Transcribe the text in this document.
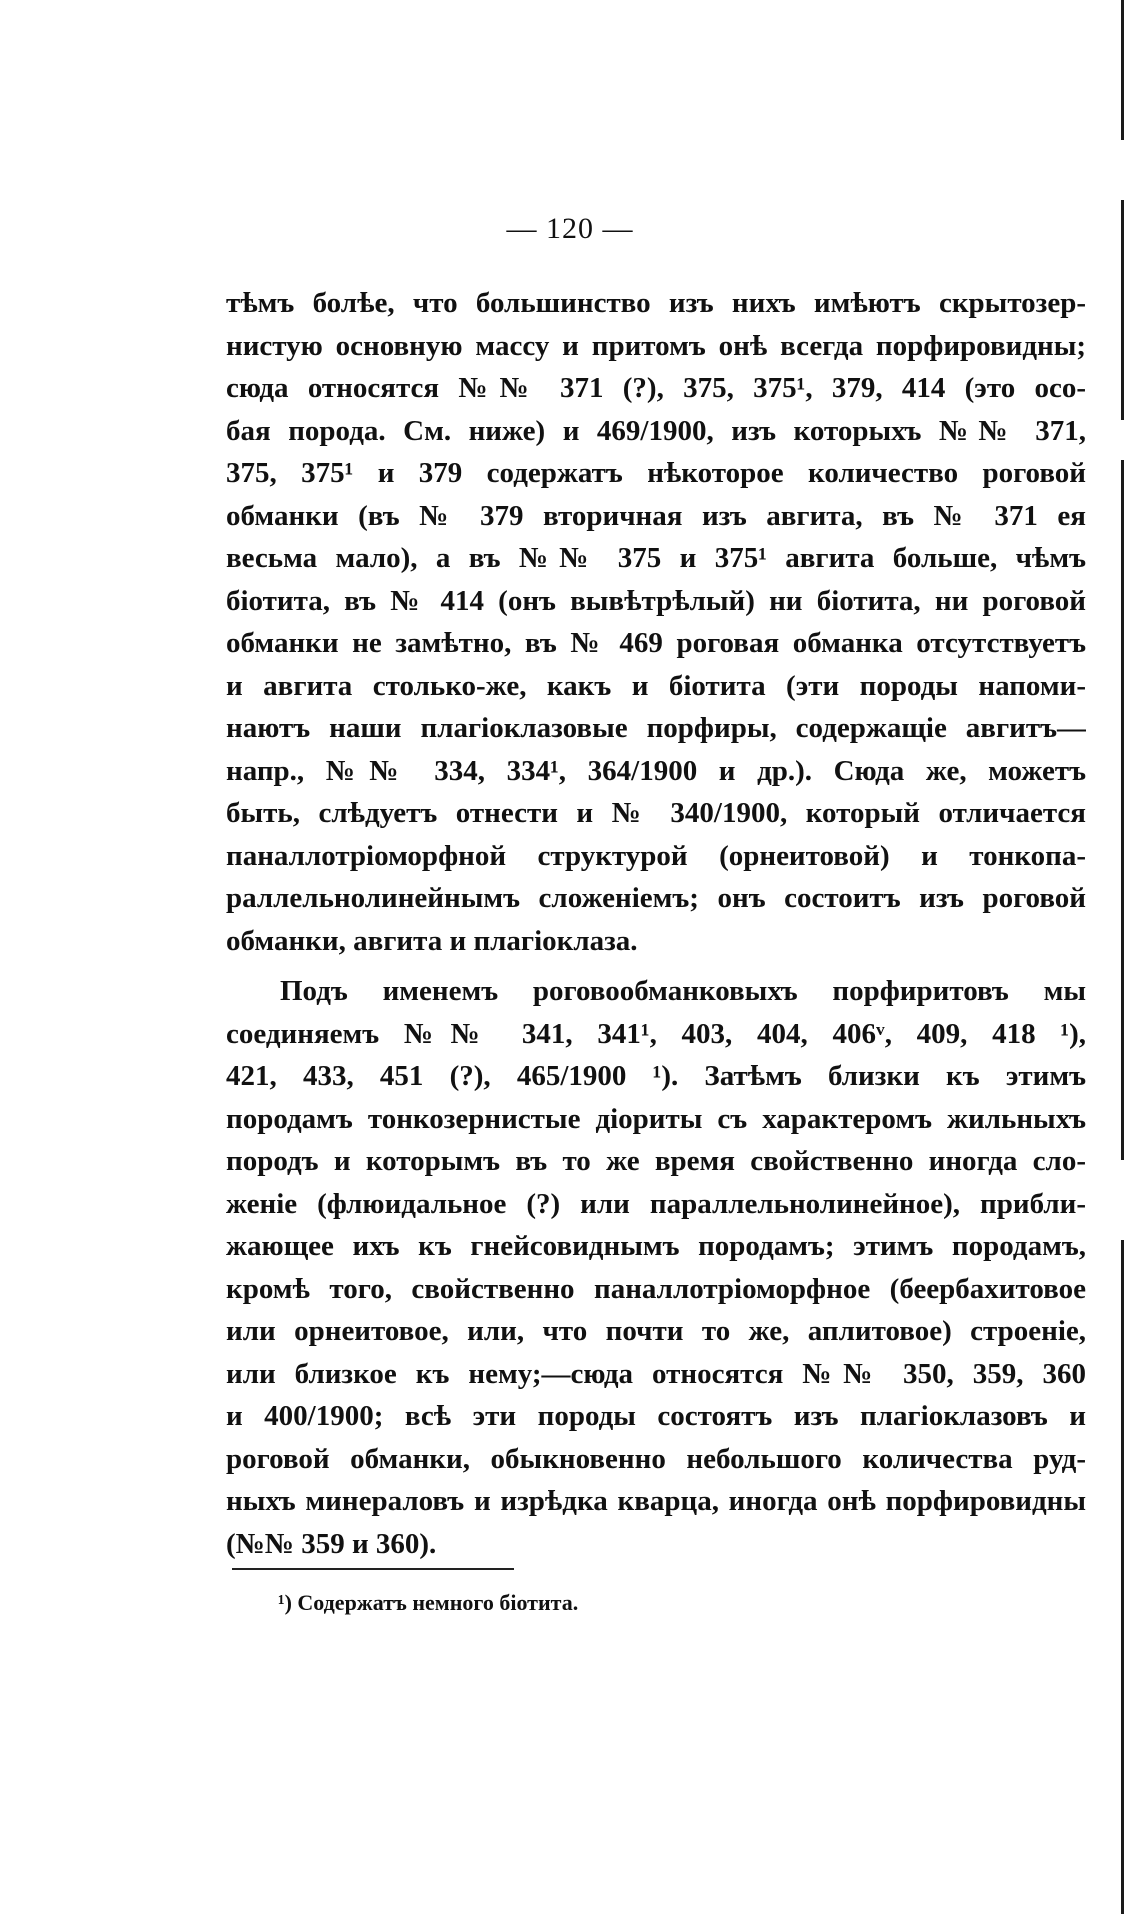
— 120 —
тѣмъ болѣе, что большинство изъ нихъ имѣютъ скрытозер-
нистую основную массу и притомъ онѣ всегда порфировидны;
сюда относятся №№ 371 (?), 375, 375¹, 379, 414 (это осо-
бая порода. См. ниже) и 469/1900, изъ которыхъ №№ 371,
375, 375¹ и 379 содержатъ нѣкоторое количество роговой
обманки (въ № 379 вторичная изъ авгита, въ № 371 ея
весьма мало), а въ №№ 375 и 375¹ авгита больше, чѣмъ
біотита, въ № 414 (онъ вывѣтрѣлый) ни біотита, ни роговой
обманки не замѣтно, въ № 469 роговая обманка отсутствуетъ
и авгита столько-же, какъ и біотита (эти породы напоми-
наютъ наши плагіоклазовые порфиры, содержащіе авгитъ—
напр., №№ 334, 334¹, 364/1900 и др.). Сюда же, можетъ
быть, слѣдуетъ отнести и № 340/1900, который отличается
паналлотріоморфной структурой (орнеитовой) и тонкопа-
раллельнолинейнымъ сложеніемъ; онъ состоитъ изъ роговой
обманки, авгита и плагіоклаза.
Подъ именемъ роговообманковыхъ порфиритовъ мы
соединяемъ №№ 341, 341¹, 403, 404, 406ᵛ, 409, 418 ¹),
421, 433, 451 (?), 465/1900 ¹). Затѣмъ близки къ этимъ
породамъ тонкозернистые діориты съ характеромъ жильныхъ
породъ и которымъ въ то же время свойственно иногда сло-
женіе (флюидальное (?) или параллельнолинейное), прибли-
жающее ихъ къ гнейсовиднымъ породамъ; этимъ породамъ,
кромѣ того, свойственно паналлотріоморфное (беербахитовое
или орнеитовое, или, что почти то же, аплитовое) строеніе,
или близкое къ нему;—сюда относятся №№ 350, 359, 360
и 400/1900; всѣ эти породы состоятъ изъ плагіоклазовъ и
роговой обманки, обыкновенно небольшого количества руд-
ныхъ минераловъ и изрѣдка кварца, иногда онѣ порфировидны
(№№ 359 и 360).
¹) Содержатъ немного біотита.
